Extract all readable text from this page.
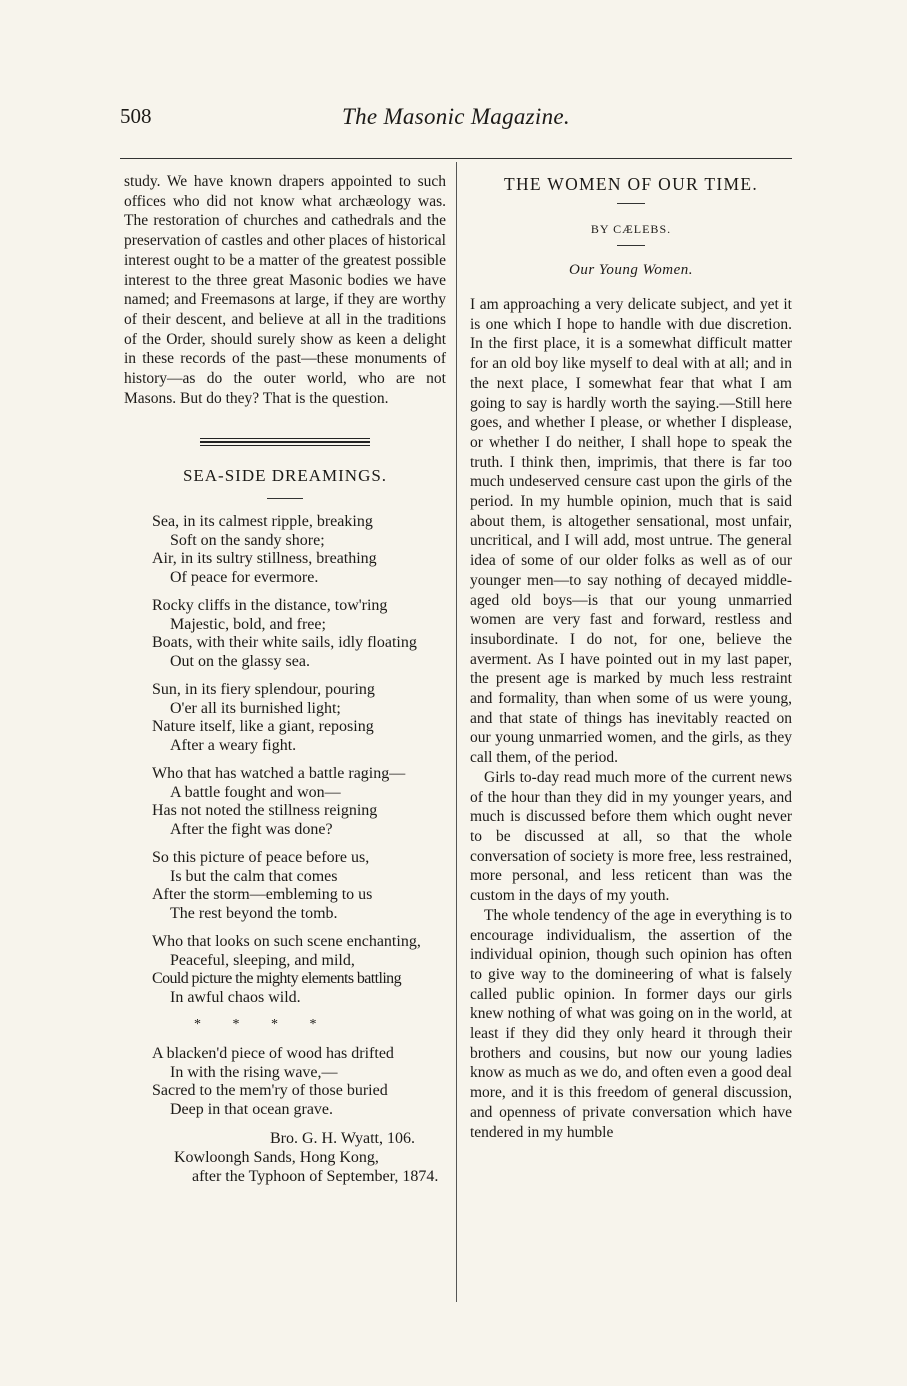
508	The Masonic Magazine.

study. We have known drapers appointed to such offices who did not know what archæology was. The restoration of churches and cathedrals and the preservation of castles and other places of historical interest ought to be a matter of the greatest possible interest to the three great Masonic bodies we have named; and Freemasons at large, if they are worthy of their descent, and believe at all in the traditions of the Order, should surely show as keen a delight in these records of the past—these monuments of history—as do the outer world, who are not Masons. But do they? That is the question.

SEA-SIDE DREAMINGS.
Sea, in its calmest ripple, breaking
Soft on the sandy shore;
Air, in its sultry stillness, breathing
Of peace for evermore.
Rocky cliffs in the distance, tow'ring
Majestic, bold, and free;
Boats, with their white sails, idly floating
Out on the glassy sea.
Sun, in its fiery splendour, pouring
O'er all its burnished light;
Nature itself, like a giant, reposing
After a weary fight.
Who that has watched a battle raging—
A battle fought and won—
Has not noted the stillness reigning
After the fight was done?
So this picture of peace before us,
Is but the calm that comes
After the storm—embleming to us
The rest beyond the tomb.
Who that looks on such scene enchanting,
Peaceful, sleeping, and mild,
Could picture the mighty elements battling
In awful chaos wild.
* * * *
A blacken'd piece of wood has drifted
In with the rising wave,—
Sacred to the mem'ry of those buried
Deep in that ocean grave.
Bro. G. H. Wyatt, 106.
Kowloongh Sands, Hong Kong,
after the Typhoon of September, 1874.
THE WOMEN OF OUR TIME.
BY CÆLEBS.
Our Young Women.

I am approaching a very delicate subject, and yet it is one which I hope to handle with due discretion. In the first place, it is a somewhat difficult matter for an old boy like myself to deal with at all; and in the next place, I somewhat fear that what I am going to say is hardly worth the saying.—Still here goes, and whether I please, or whether I displease, or whether I do neither, I shall hope to speak the truth. I think then, imprimis, that there is far too much undeserved censure cast upon the girls of the period. In my humble opinion, much that is said about them, is altogether sensational, most unfair, uncritical, and I will add, most untrue. The general idea of some of our older folks as well as of our younger men—to say nothing of decayed middle-aged old boys—is that our young unmarried women are very fast and forward, restless and insubordinate. I do not, for one, believe the averment. As I have pointed out in my last paper, the present age is marked by much less restraint and formality, than when some of us were young, and that state of things has inevitably reacted on our young unmarried women, and the girls, as they call them, of the period.

Girls to-day read much more of the current news of the hour than they did in my younger years, and much is discussed before them which ought never to be discussed at all, so that the whole conversation of society is more free, less restrained, more personal, and less reticent than was the custom in the days of my youth.

The whole tendency of the age in everything is to encourage individualism, the assertion of the individual opinion, though such opinion has often to give way to the domineering of what is falsely called public opinion. In former days our girls knew nothing of what was going on in the world, at least if they did they only heard it through their brothers and cousins, but now our young ladies know as much as we do, and often even a good deal more, and it is this freedom of general discussion, and openness of private conversation which have tendered in my humble
